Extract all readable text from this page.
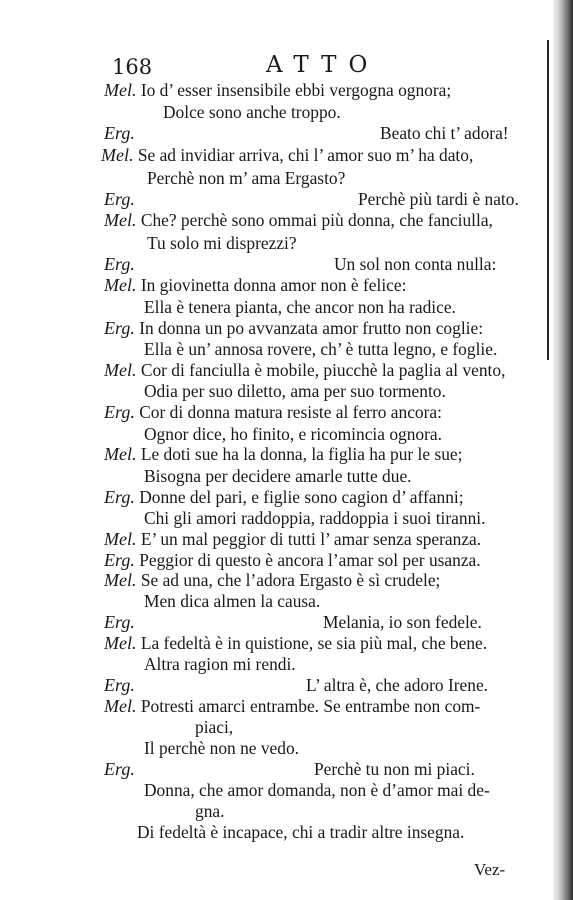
168	ATTO
Mel. Io d’ esser insensibile ebbi vergogna ognora;
Dolce sono anche troppo.
Erg.	Beato chi t’ adora!
Mel. Se ad invidiar arriva, chi l’ amor suo m’ ha dato,
Perchè non m’ ama Ergasto?
Erg.	Perchè più tardi è nato.
Mel. Che? perchè sono ommai più donna, che fanciulla,
Tu solo mi disprezzi?
Erg.	Un sol non conta nulla:
Mel. In giovinetta donna amor non è felice:
Ella è tenera pianta, che ancor non ha radice.
Erg. In donna un po avvanzata amor frutto non coglie:
Ella è un’ annosa rovere, ch’ è tutta legno, e foglie.
Mel. Cor di fanciulla è mobile, piucchè la paglia al vento,
Odia per suo diletto, ama per suo tormento.
Erg. Cor di donna matura resiste al ferro ancora:
Ognor dice, ho finito, e ricomincia ognora.
Mel. Le doti sue ha la donna, la figlia ha pur le sue;
Bisogna per decidere amarle tutte due.
Erg. Donne del pari, e figlie sono cagion d’ affanni;
Chi gli amori raddoppia, raddoppia i suoi tiranni.
Mel. E’ un mal peggior di tutti l’ amar senza speranza.
Erg. Peggior di questo è ancora l’amar sol per usanza.
Mel. Se ad una, che l’adora Ergasto è sì crudele;
Men dica almen la causa.
Erg.	Melania, io son fedele.
Mel. La fedeltà è in quistione, se sia più mal, che bene.
Altra ragion mi rendi.
Erg.	L’ altra è, che adoro Irene.
Mel. Potresti amarci entrambe. Se entrambe non com-
piaci,
Il perchè non ne vedo.
Erg.	Perchè tu non mi piaci.
Donna, che amor domanda, non è d’amor mai de-
gna.
Di fedeltà è incapace, chi a tradir altre insegna.
Vez-
